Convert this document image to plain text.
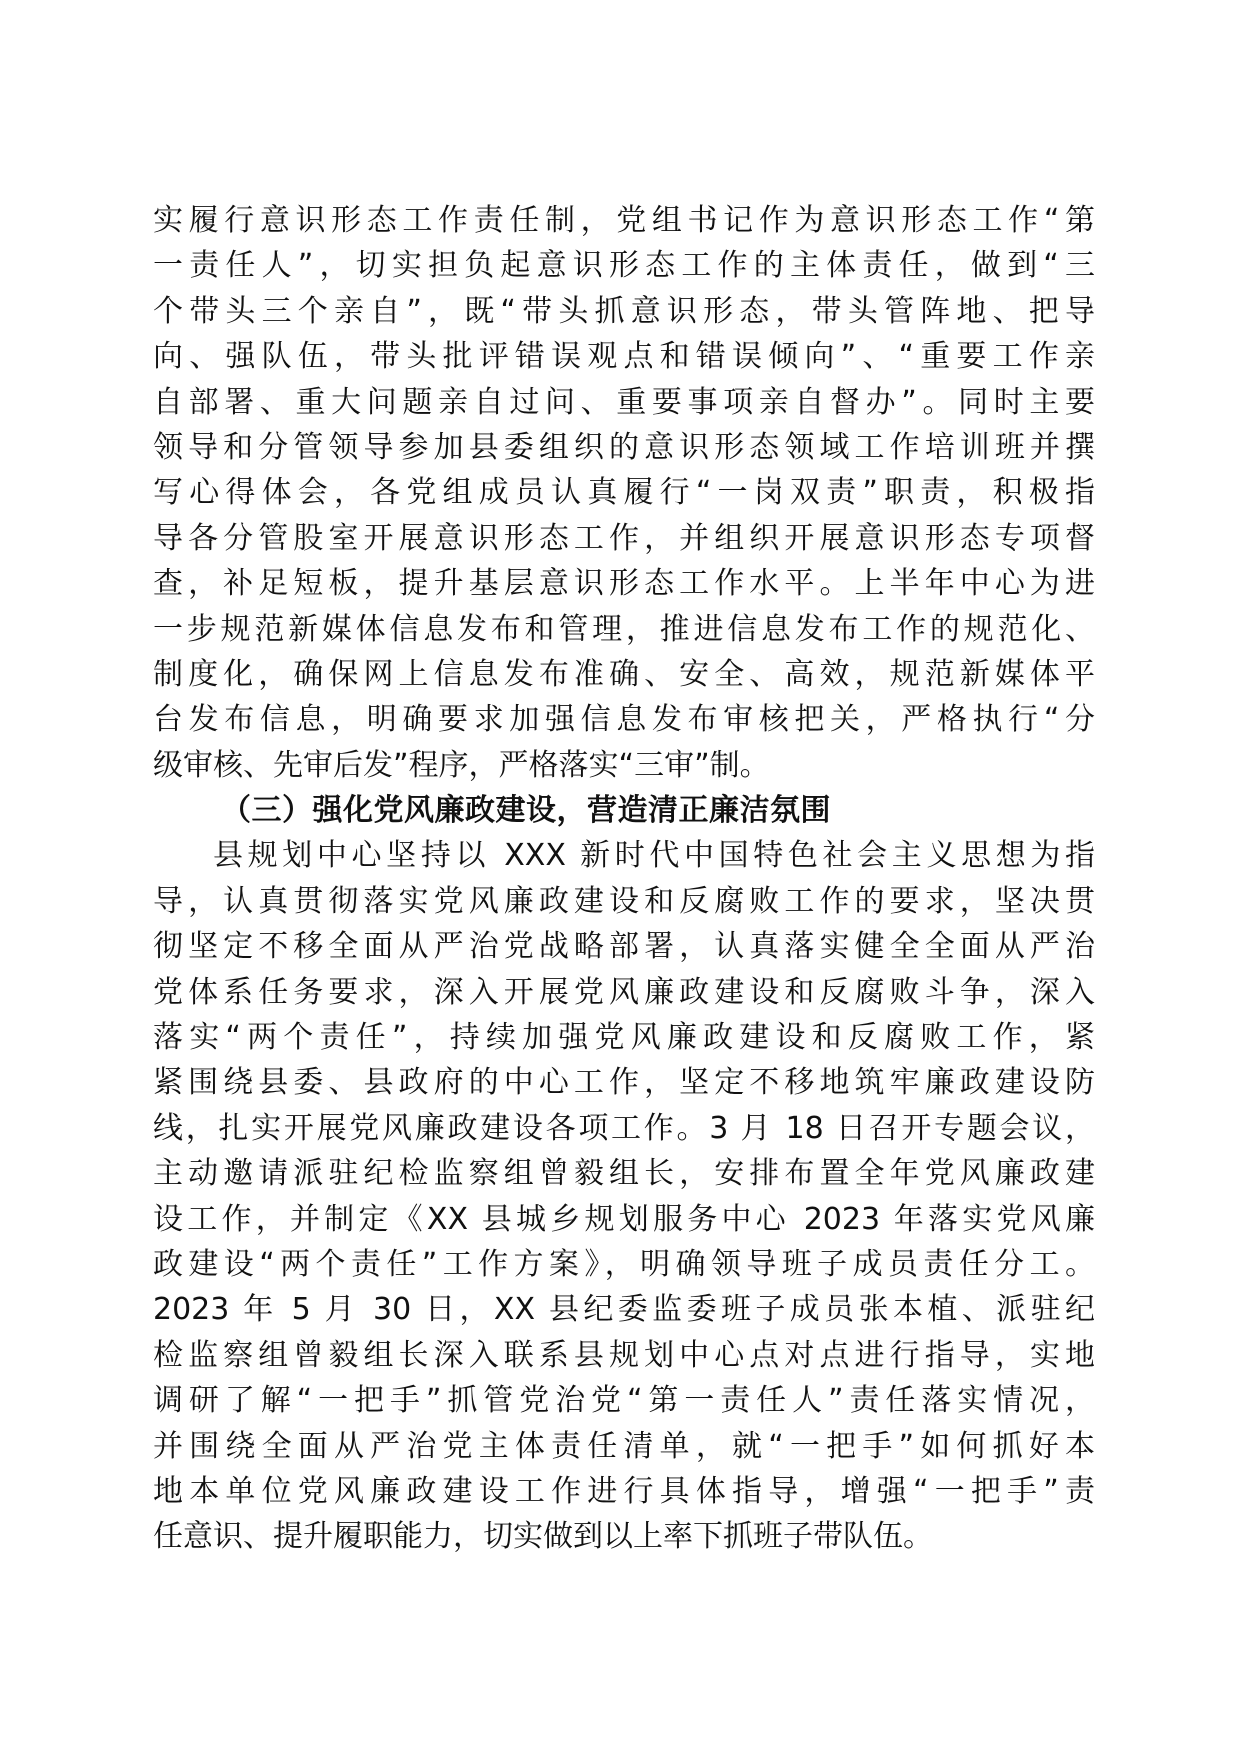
实履行意识形态工作责任制，党组书记作为意识形态工作“第
一责任人”，切实担负起意识形态工作的主体责任，做到“三
个带头三个亲自”，既“带头抓意识形态，带头管阵地、把导
向、强队伍，带头批评错误观点和错误倾向”、“重要工作亲
自部署、重大问题亲自过问、重要事项亲自督办”。同时主要
领导和分管领导参加县委组织的意识形态领域工作培训班并撰
写心得体会，各党组成员认真履行“一岗双责”职责，积极指
导各分管股室开展意识形态工作，并组织开展意识形态专项督
查，补足短板，提升基层意识形态工作水平。上半年中心为进
一步规范新媒体信息发布和管理，推进信息发布工作的规范化、
制度化，确保网上信息发布准确、安全、高效，规范新媒体平
台发布信息，明确要求加强信息发布审核把关，严格执行“分
级审核、先审后发”程序，严格落实“三审”制。
（三）强化党风廉政建设，营造清正廉洁氛围
县规划中心坚持以 XXX 新时代中国特色社会主义思想为指
导，认真贯彻落实党风廉政建设和反腐败工作的要求，坚决贯
彻坚定不移全面从严治党战略部署，认真落实健全全面从严治
党体系任务要求，深入开展党风廉政建设和反腐败斗争，深入
落实“两个责任”，持续加强党风廉政建设和反腐败工作，紧
紧围绕县委、县政府的中心工作，坚定不移地筑牢廉政建设防
线，扎实开展党风廉政建设各项工作。3 月 18 日召开专题会议，
主动邀请派驻纪检监察组曾毅组长，安排布置全年党风廉政建
设工作，并制定《XX 县城乡规划服务中心 2023 年落实党风廉
政建设“两个责任”工作方案》，明确领导班子成员责任分工。
2023 年 5 月 30 日，XX 县纪委监委班子成员张本植、派驻纪
检监察组曾毅组长深入联系县规划中心点对点进行指导，实地
调研了解“一把手”抓管党治党“第一责任人”责任落实情况，
并围绕全面从严治党主体责任清单，就“一把手”如何抓好本
地本单位党风廉政建设工作进行具体指导，增强“一把手”责
任意识、提升履职能力，切实做到以上率下抓班子带队伍。
